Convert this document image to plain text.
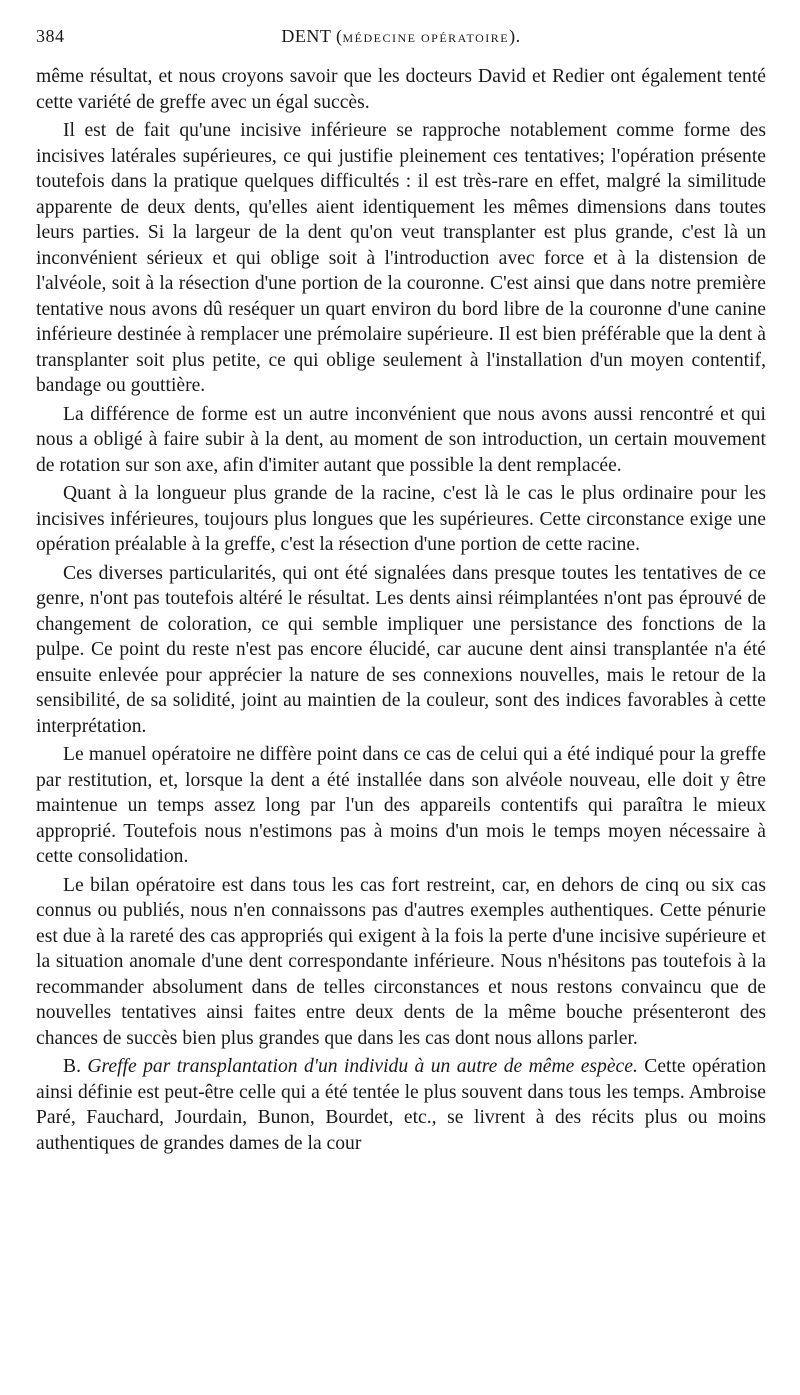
384	DENT (MÉDECINE OPÉRATOIRE).

même résultat, et nous croyons savoir que les docteurs David et Redier ont également tenté cette variété de greffe avec un égal succès.

Il est de fait qu'une incisive inférieure se rapproche notablement comme forme des incisives latérales supérieures, ce qui justifie pleinement ces tentatives; l'opération présente toutefois dans la pratique quelques difficultés : il est très-rare en effet, malgré la similitude apparente de deux dents, qu'elles aient identiquement les mêmes dimensions dans toutes leurs parties. Si la largeur de la dent qu'on veut transplanter est plus grande, c'est là un inconvénient sérieux et qui oblige soit à l'introduction avec force et à la distension de l'alvéole, soit à la résection d'une portion de la couronne. C'est ainsi que dans notre première tentative nous avons dû reséquer un quart environ du bord libre de la couronne d'une canine inférieure destinée à remplacer une prémolaire supérieure. Il est bien préférable que la dent à transplanter soit plus petite, ce qui oblige seulement à l'installation d'un moyen contentif, bandage ou gouttière.

La différence de forme est un autre inconvénient que nous avons aussi rencontré et qui nous a obligé à faire subir à la dent, au moment de son introduction, un certain mouvement de rotation sur son axe, afin d'imiter autant que possible la dent remplacée.

Quant à la longueur plus grande de la racine, c'est là le cas le plus ordinaire pour les incisives inférieures, toujours plus longues que les supérieures. Cette circonstance exige une opération préalable à la greffe, c'est la résection d'une portion de cette racine.

Ces diverses particularités, qui ont été signalées dans presque toutes les tentatives de ce genre, n'ont pas toutefois altéré le résultat. Les dents ainsi réimplantées n'ont pas éprouvé de changement de coloration, ce qui semble impliquer une persistance des fonctions de la pulpe. Ce point du reste n'est pas encore élucidé, car aucune dent ainsi transplantée n'a été ensuite enlevée pour apprécier la nature de ses connexions nouvelles, mais le retour de la sensibilité, de sa solidité, joint au maintien de la couleur, sont des indices favorables à cette interprétation.

Le manuel opératoire ne diffère point dans ce cas de celui qui a été indiqué pour la greffe par restitution, et, lorsque la dent a été installée dans son alvéole nouveau, elle doit y être maintenue un temps assez long par l'un des appareils contentifs qui paraîtra le mieux approprié. Toutefois nous n'estimons pas à moins d'un mois le temps moyen nécessaire à cette consolidation.

Le bilan opératoire est dans tous les cas fort restreint, car, en dehors de cinq ou six cas connus ou publiés, nous n'en connaissons pas d'autres exemples authentiques. Cette pénurie est due à la rareté des cas appropriés qui exigent à la fois la perte d'une incisive supérieure et la situation anomale d'une dent correspondante inférieure. Nous n'hésitons pas toutefois à la recommander absolument dans de telles circonstances et nous restons convaincu que de nouvelles tentatives ainsi faites entre deux dents de la même bouche présenteront des chances de succès bien plus grandes que dans les cas dont nous allons parler.

B. Greffe par transplantation d'un individu à un autre de même espèce. Cette opération ainsi définie est peut-être celle qui a été tentée le plus souvent dans tous les temps. Ambroise Paré, Fauchard, Jourdain, Bunon, Bourdet, etc., se livrent à des récits plus ou moins authentiques de grandes dames de la cour
